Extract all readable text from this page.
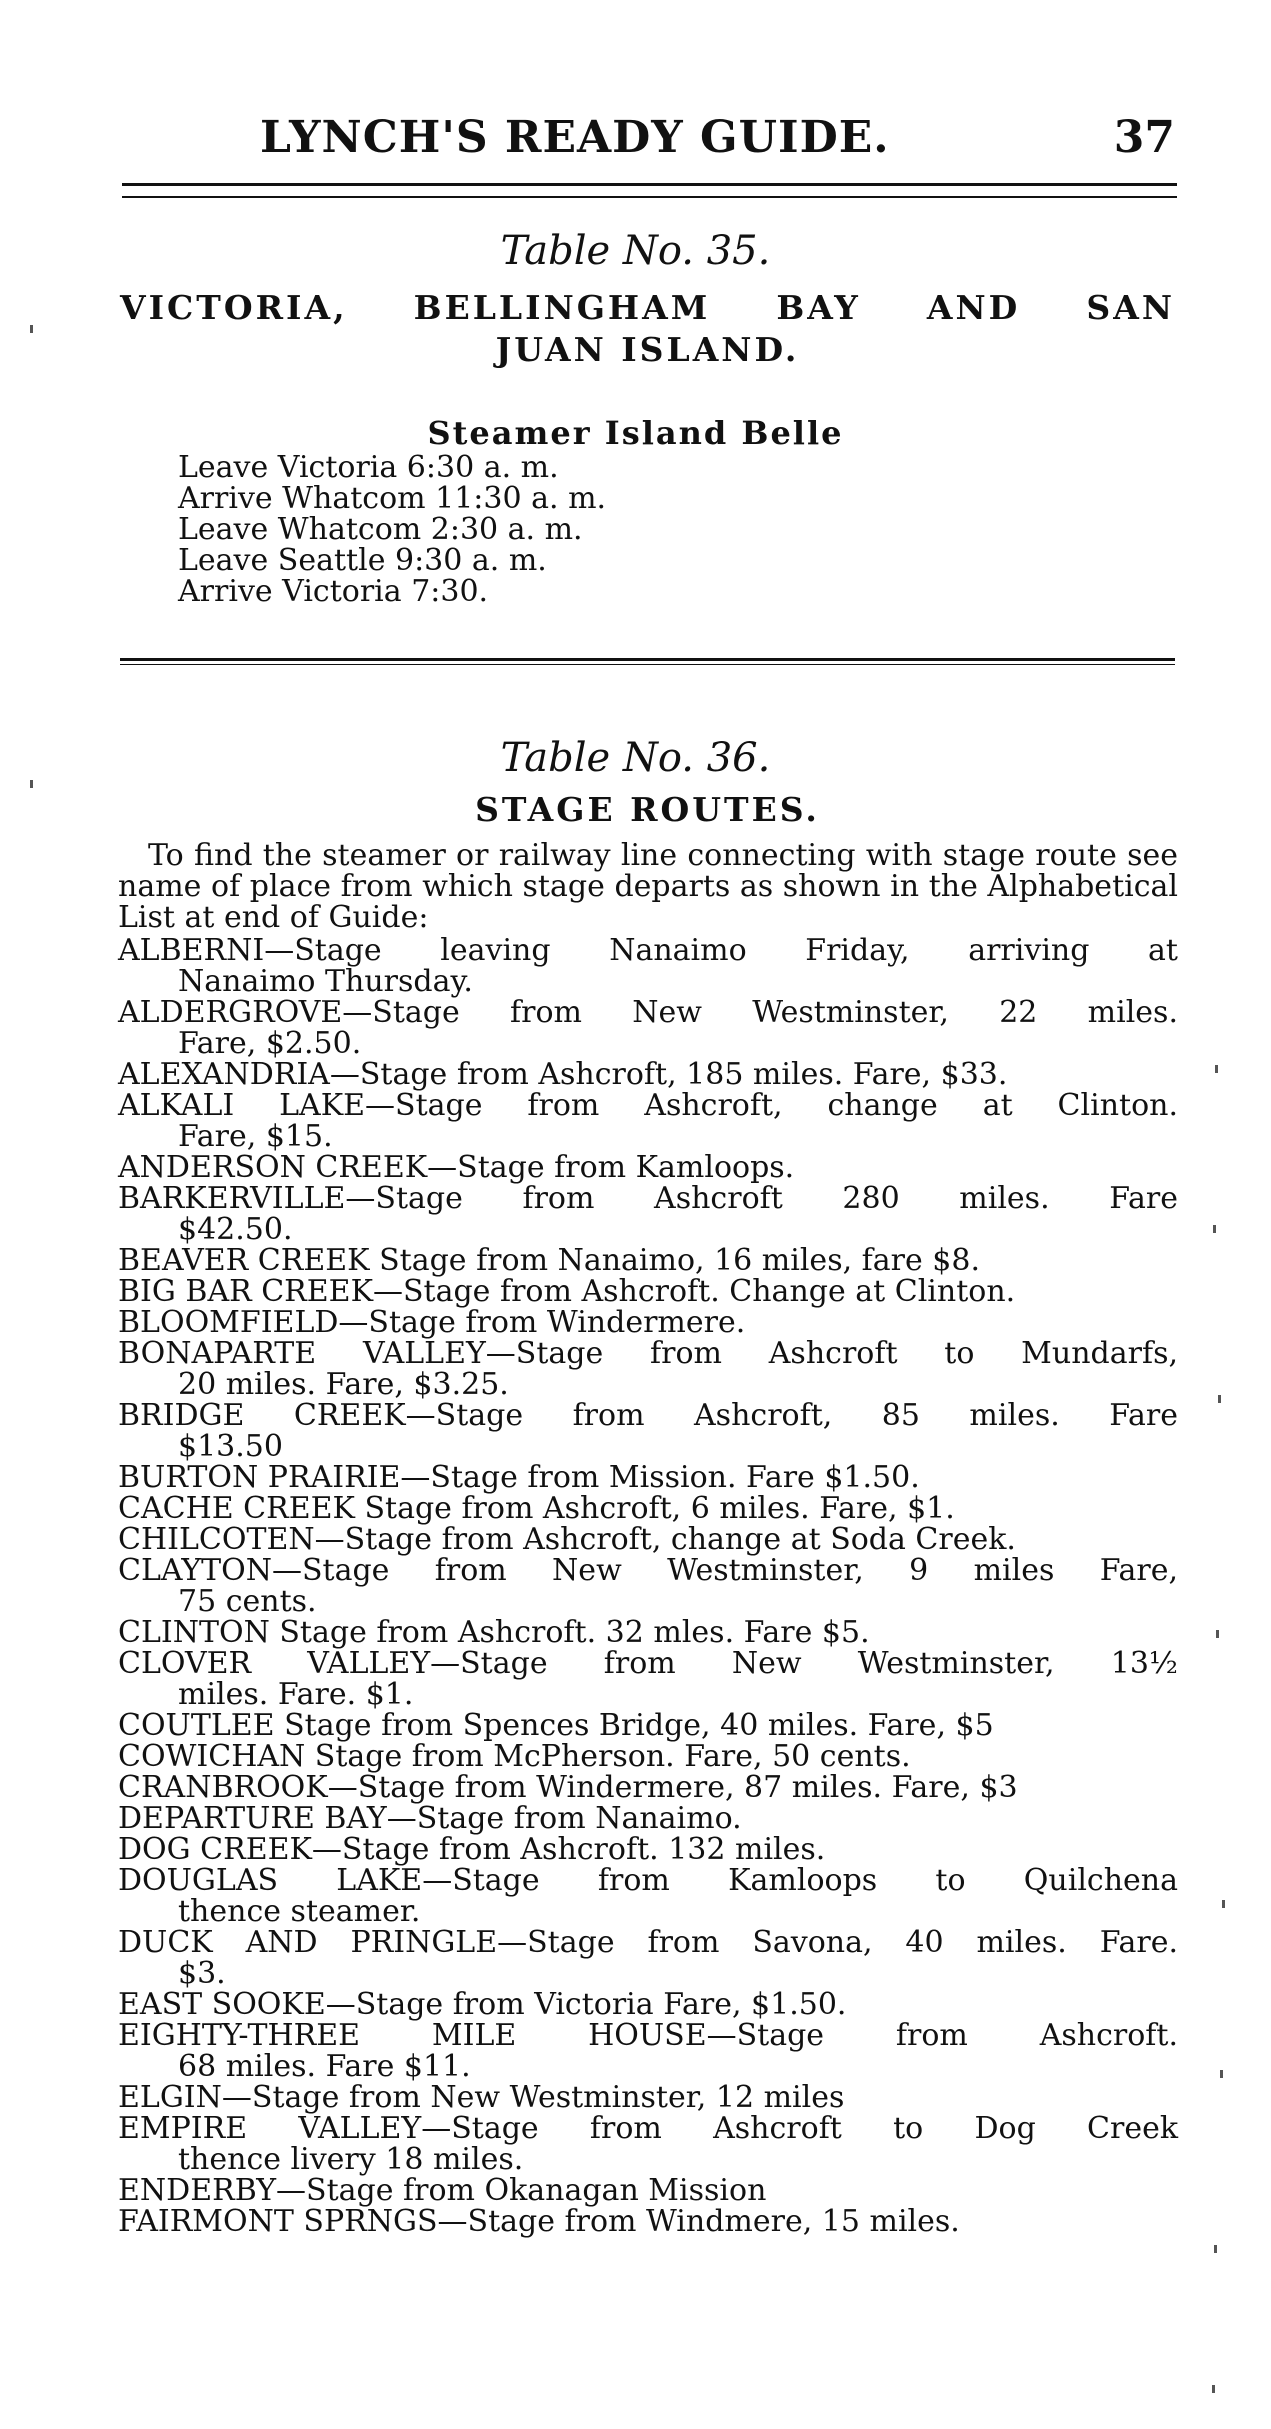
LYNCH'S READY GUIDE.	37
Table No. 35.
VICTORIA, BELLINGHAM BAY AND SAN
JUAN ISLAND.
Steamer Island Belle
Leave Victoria 6:30 a. m.
Arrive Whatcom 11:30 a. m.
Leave Whatcom 2:30 a. m.
Leave Seattle 9:30 a. m.
Arrive Victoria 7:30.
Table No. 36.
STAGE ROUTES.

To find the steamer or railway line connecting with stage route see name of place from which stage departs as shown in the Alphabetical List at end of Guide:

ALBERNI—Stage leaving Nanaimo Friday, arriving at
Nanaimo Thursday.
ALDERGROVE—Stage from New Westminster, 22 miles.
Fare, $2.50.
ALEXANDRIA—Stage from Ashcroft, 185 miles. Fare, $33.
ALKALI LAKE—Stage from Ashcroft, change at Clinton.
Fare, $15.
ANDERSON CREEK—Stage from Kamloops.
BARKERVILLE—Stage from Ashcroft 280 miles. Fare
$42.50.
BEAVER CREEK Stage from Nanaimo, 16 miles, fare $8.
BIG BAR CREEK—Stage from Ashcroft. Change at Clinton.
BLOOMFIELD—Stage from Windermere.
BONAPARTE VALLEY—Stage from Ashcroft to Mundarfs,
20 miles. Fare, $3.25.
BRIDGE CREEK—Stage from Ashcroft, 85 miles. Fare
$13.50
BURTON PRAIRIE—Stage from Mission. Fare $1.50.
CACHE CREEK Stage from Ashcroft, 6 miles. Fare, $1.
CHILCOTEN—Stage from Ashcroft, change at Soda Creek.
CLAYTON—Stage from New Westminster, 9 miles Fare,
75 cents.
CLINTON Stage from Ashcroft. 32 mles. Fare $5.
CLOVER VALLEY—Stage from New Westminster, 13½
miles. Fare. $1.
COUTLEE Stage from Spences Bridge, 40 miles. Fare, $5
COWICHAN Stage from McPherson. Fare, 50 cents.
CRANBROOK—Stage from Windermere, 87 miles. Fare, $3
DEPARTURE BAY—Stage from Nanaimo.
DOG CREEK—Stage from Ashcroft. 132 miles.
DOUGLAS LAKE—Stage from Kamloops to Quilchena
thence steamer.
DUCK AND PRINGLE—Stage from Savona, 40 miles. Fare.
$3.
EAST SOOKE—Stage from Victoria Fare, $1.50.
EIGHTY-THREE MILE HOUSE—Stage from Ashcroft.
68 miles. Fare $11.
ELGIN—Stage from New Westminster, 12 miles
EMPIRE VALLEY—Stage from Ashcroft to Dog Creek
thence livery 18 miles.
ENDERBY—Stage from Okanagan Mission
FAIRMONT SPRNGS—Stage from Windmere, 15 miles.
